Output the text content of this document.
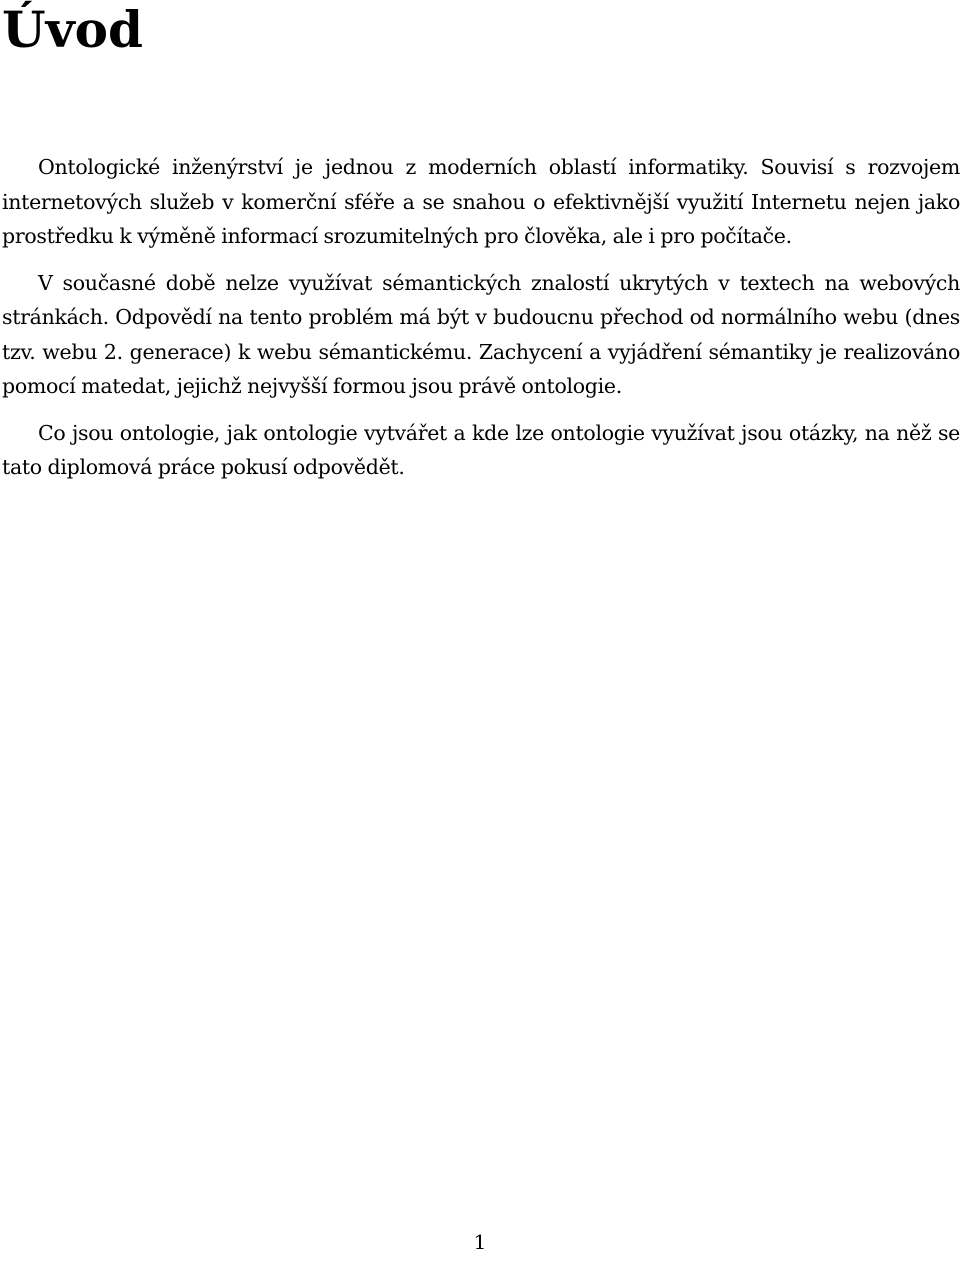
Úvod

Ontologické inženýrství je jednou z moderních oblastí informatiky. Souvisí s rozvojem internetových služeb v komerční sféře a se snahou o efektivnější využití Internetu nejen jako prostředku k výměně informací srozumitelných pro člověka, ale i pro počítače.

V současné době nelze využívat sémantických znalostí ukrytých v textech na webových stránkách. Odpovědí na tento problém má být v budoucnu přechod od normálního webu (dnes tzv. webu 2. generace) k webu sémantickému. Zachycení a vyjádření sémantiky je realizováno pomocí matedat, jejichž nejvyšší formou jsou právě ontologie.

Co jsou ontologie, jak ontologie vytvářet a kde lze ontologie využívat jsou otázky, na něž se tato diplomová práce pokusí odpovědět.

1
